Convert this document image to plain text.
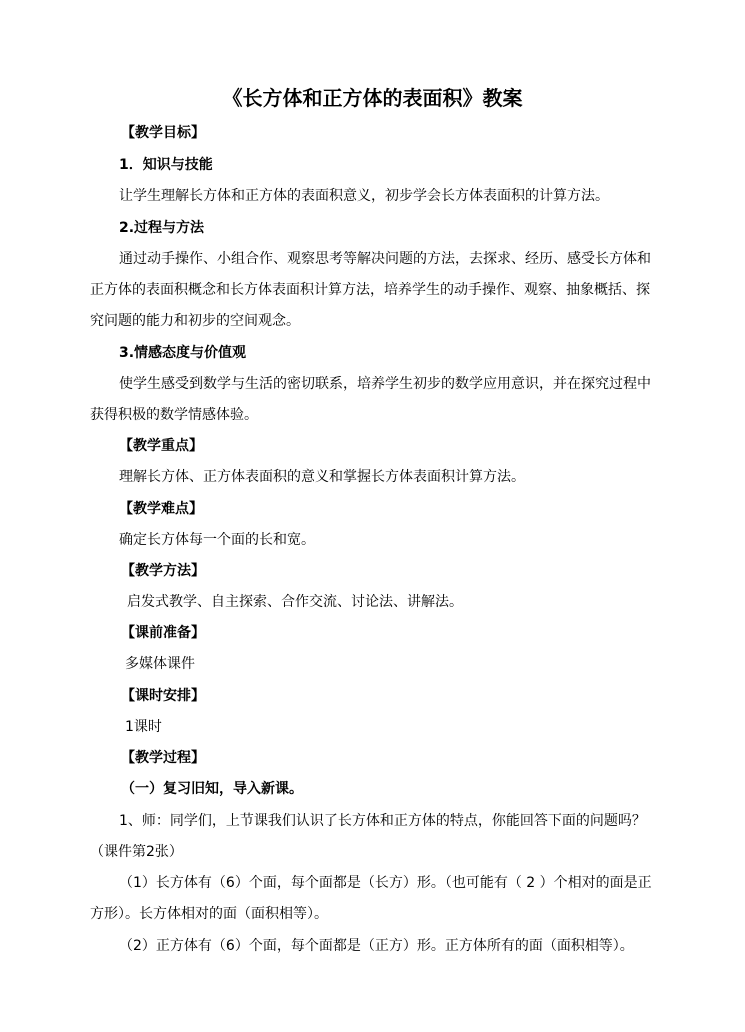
《长方体和正方体的表面积》教案
【教学目标】
1．知识与技能
让学生理解长方体和正方体的表面积意义，初步学会长方体表面积的计算方法。
2.过程与方法
通过动手操作、小组合作、观察思考等解决问题的方法，去探求、经历、感受长方体和
正方体的表面积概念和长方体表面积计算方法，培养学生的动手操作、观察、抽象概括、探
究问题的能力和初步的空间观念。
3.情感态度与价值观
使学生感受到数学与生活的密切联系，培养学生初步的数学应用意识，并在探究过程中
获得积极的数学情感体验。
【教学重点】
理解长方体、正方体表面积的意义和掌握长方体表面积计算方法。
【教学难点】
确定长方体每一个面的长和宽。
【教学方法】
启发式教学、自主探索、合作交流、讨论法、讲解法。
【课前准备】
多媒体课件
【课时安排】
1课时
【教学过程】
（一）复习旧知，导入新课。
1、师：同学们，上节课我们认识了长方体和正方体的特点，你能回答下面的问题吗？
（课件第2张）
（1）长方体有（6）个面，每个面都是（长方）形。（也可能有（ 2 ）个相对的面是正
方形）。长方体相对的面（面积相等）。
（2）正方体有（6）个面，每个面都是（正方）形。正方体所有的面（面积相等）。
